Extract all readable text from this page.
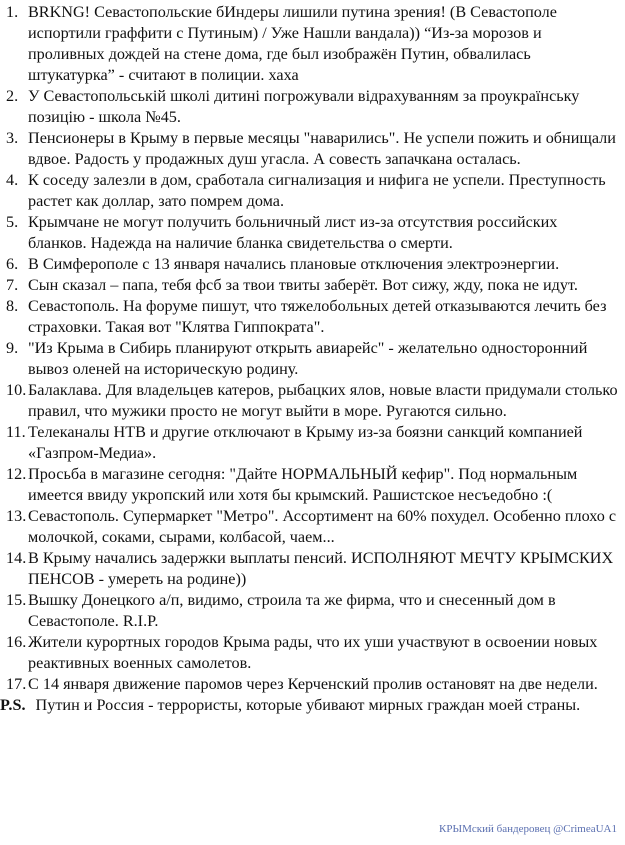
1. BRKNG! Севастопольские бИндеры лишили путина зрения! (В Севастополе испортили граффити с Путиным) / Уже Нашли вандала)) “Из-за морозов и проливных дождей на стене дома, где был изображён Путин, обвалилась штукатурка” - считают в полиции. хаха
2. У Севастопольській школі дитині погрожували відрахуванням за проукраїнську позицію - школа №45.
3. Пенсионеры в Крыму в первые месяцы "наварились". Не успели пожить и обнищали вдвое. Радость у продажных душ угасла. А совесть запачкана осталась.
4. К соседу залезли в дом, сработала сигнализация и нифига не успели. Преступность растет как доллар, зато помрем дома.
5. Крымчане не могут получить больничный лист из-за отсутствия российских бланков. Надежда на наличие бланка свидетельства о смерти.
6. В Симферополе с 13 января начались плановые отключения электроэнергии.
7. Сын сказал – папа, тебя фсб за твои твиты заберёт. Вот сижу, жду, пока не идут.
8. Севастополь. На форуме пишут, что тяжелобольных детей отказываются лечить без страховки. Такая вот "Клятва Гиппократа".
9. "Из Крыма в Сибирь планируют открыть авиарейс" - желательно односторонний вывоз оленей на историческую родину.
10. Балаклава. Для владельцев катеров, рыбацких ялов, новые власти придумали столько правил, что мужики просто не могут выйти в море. Ругаются сильно.
11. Телеканалы НТВ и другие отключают в Крыму из-за боязни санкций компанией «Газпром-Медиа».
12. Просьба в магазине сегодня: "Дайте НОРМАЛЬНЫЙ кефир". Под нормальным имеется ввиду укропский или хотя бы крымский. Рашистское несъедобно :(
13. Севастополь. Супермаркет "Метро". Ассортимент на 60% похудел. Особенно плохо с молочкой, соками, сырами, колбасой, чаем...
14. В Крыму начались задержки выплаты пенсий. ИСПОЛНЯЮТ МЕЧТУ КРЫМСКИХ ПЕНСОВ - умереть на родине))
15. Вышку Донецкого а/п, видимо, строила та же фирма, что и снесенный дом в Севастополе. R.I.P.
16. Жители курортных городов Крыма рады, что их уши участвуют в освоении новых реактивных военных самолетов.
17. С 14 января движение паромов через Керченский пролив остановят на две недели.
P.S. Путин и Россия - террористы, которые убивают мирных граждан моей страны.
КРЫМский бандеровец @CrimeaUA1
